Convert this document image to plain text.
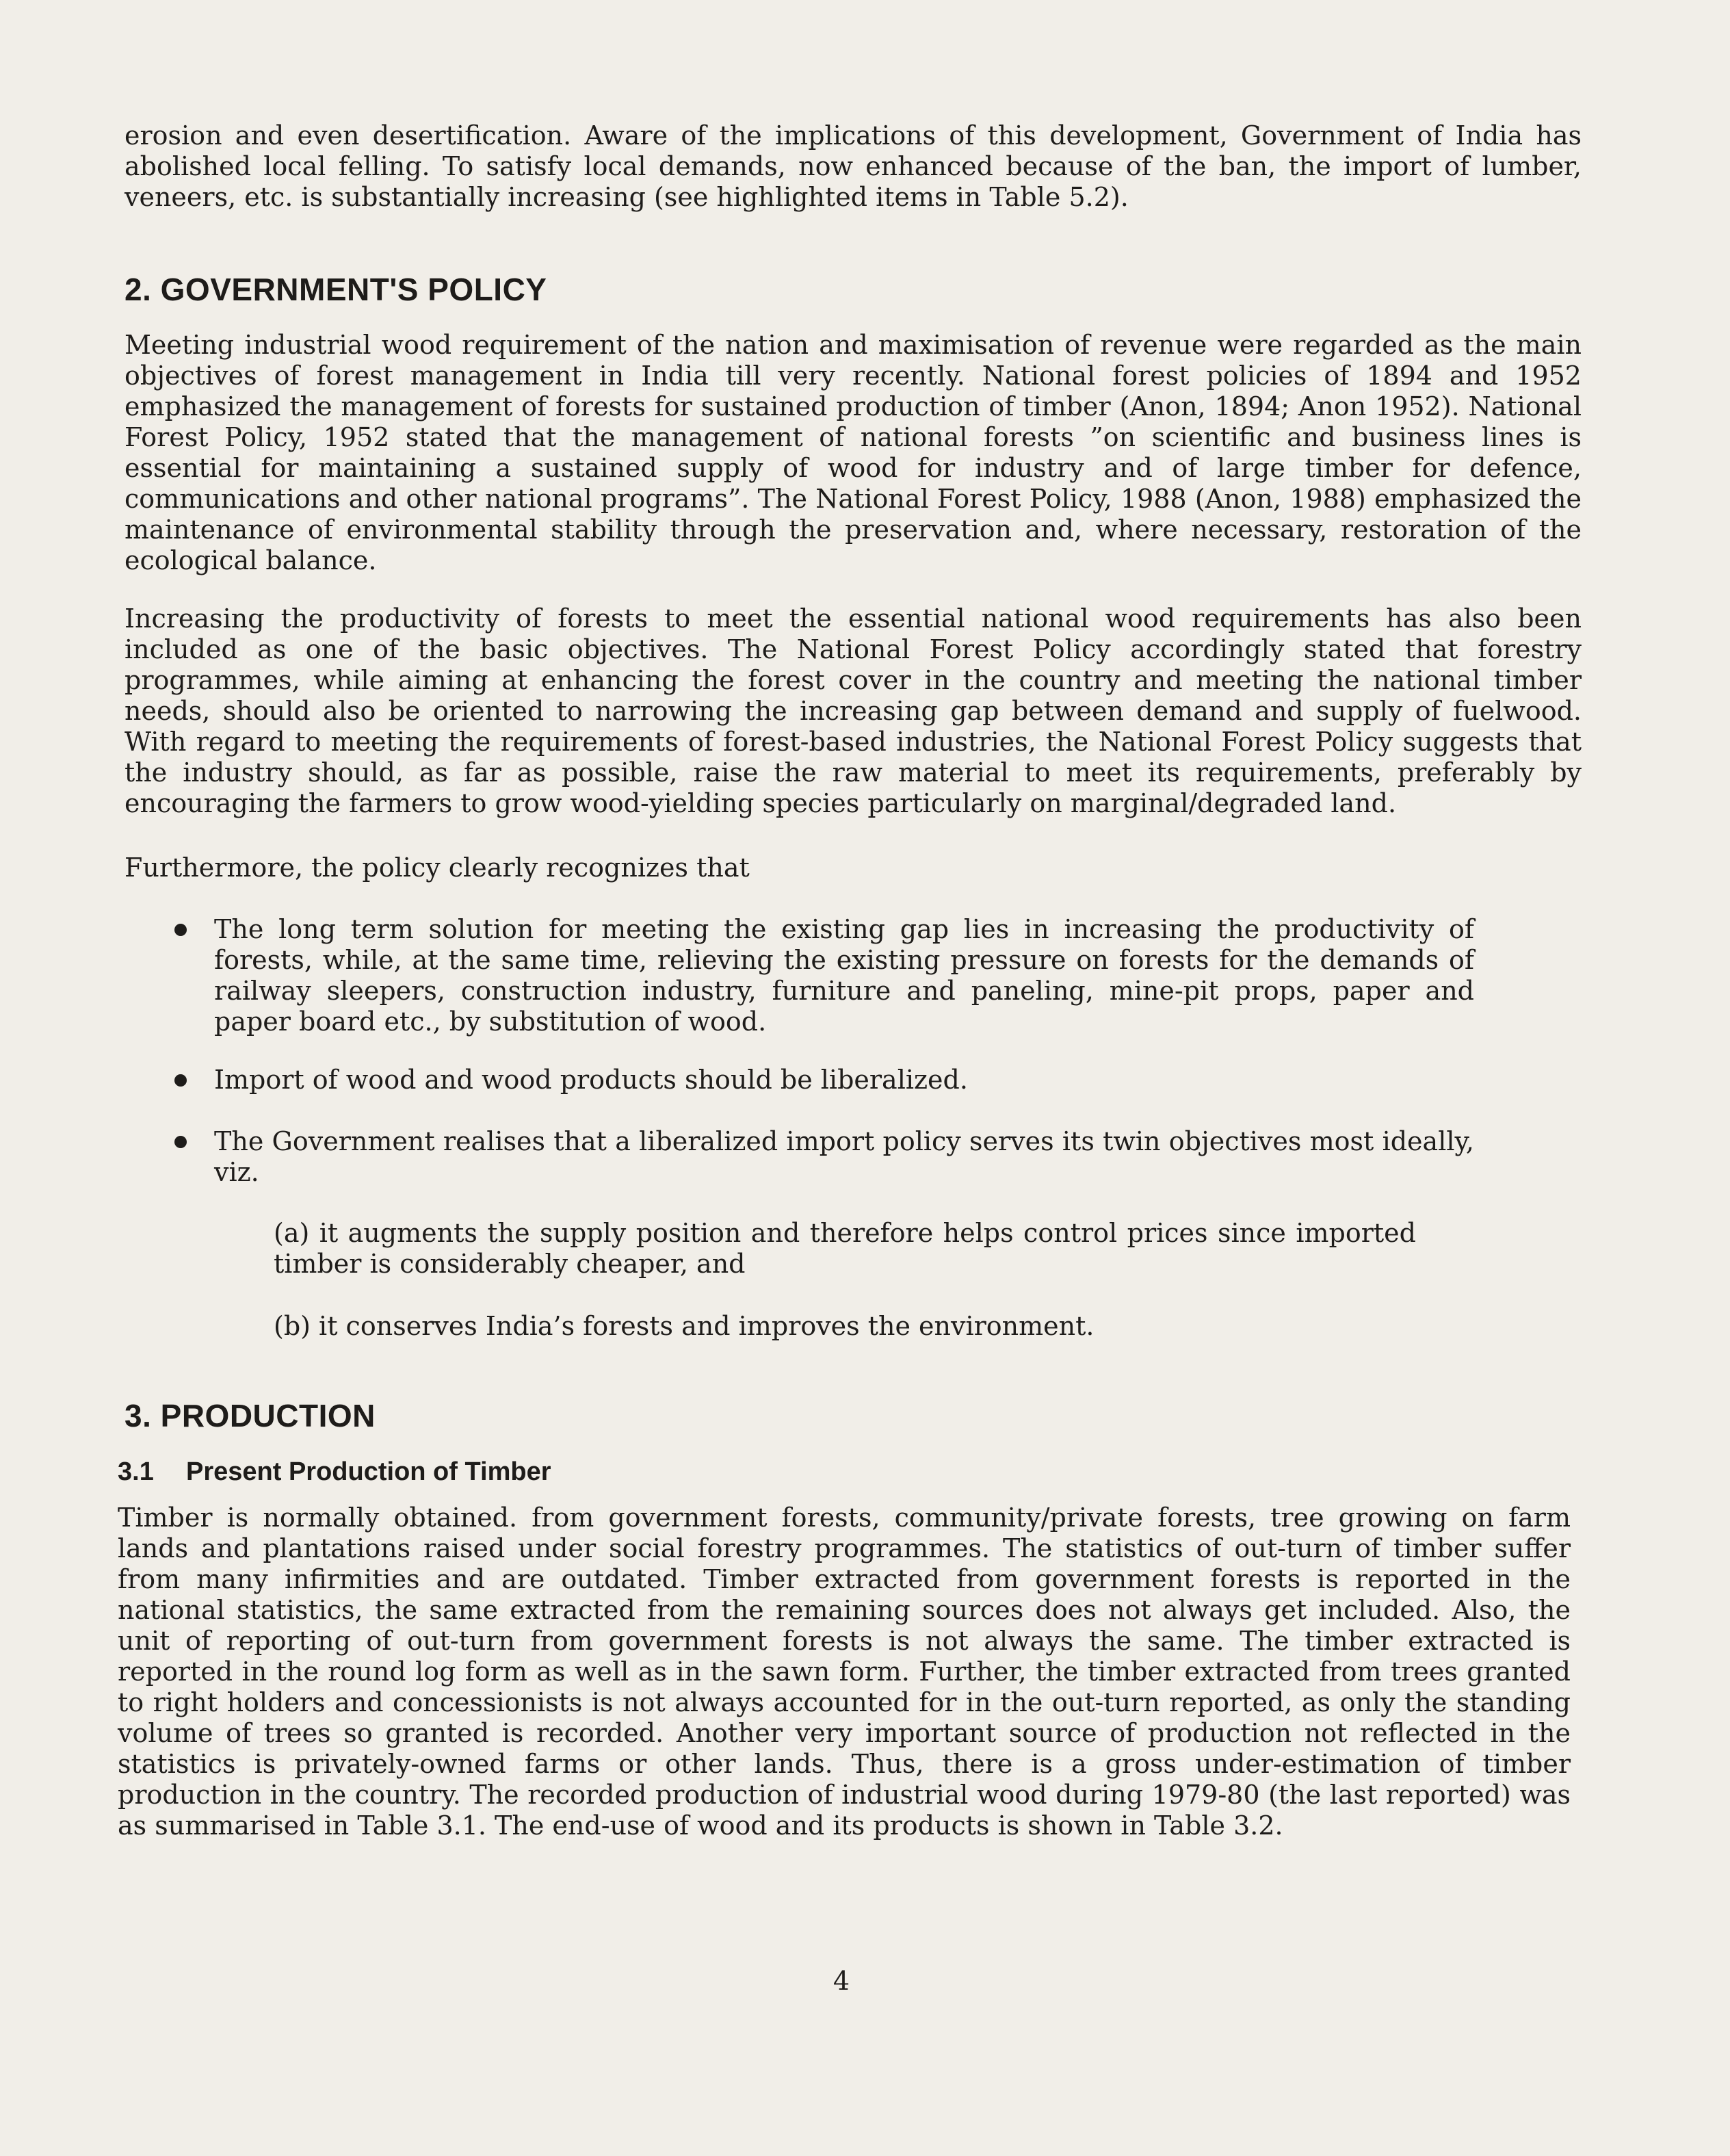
erosion and even desertification. Aware of the implications of this development, Government of India has abolished local felling. To satisfy local demands, now enhanced because of the ban, the import of lumber, veneers, etc. is substantially increasing (see highlighted items in Table 5.2).

2. GOVERNMENT'S POLICY

Meeting industrial wood requirement of the nation and maximisation of revenue were regarded as the main objectives of forest management in India till very recently. National forest policies of 1894 and 1952 emphasized the management of forests for sustained production of timber (Anon, 1894; Anon 1952). National Forest Policy, 1952 stated that the management of national forests ”on scientific and business lines is essential for maintaining a sustained supply of wood for industry and of large timber for defence, communications and other national programs”. The National Forest Policy, 1988 (Anon, 1988) emphasized the maintenance of environmental stability through the preservation and, where necessary, restoration of the ecological balance.

Increasing the productivity of forests to meet the essential national wood requirements has also been included as one of the basic objectives. The National Forest Policy accordingly stated that forestry programmes, while aiming at enhancing the forest cover in the country and meeting the national timber needs, should also be oriented to narrowing the increasing gap between demand and supply of fuelwood. With regard to meeting the requirements of forest-based industries, the National Forest Policy suggests that the industry should, as far as possible, raise the raw material to meet its requirements, preferably by encouraging the farmers to grow wood-yielding species particularly on marginal/degraded land.

Furthermore, the policy clearly recognizes that

The long term solution for meeting the existing gap lies in increasing the productivity of forests, while, at the same time, relieving the existing pressure on forests for the demands of railway sleepers, construction industry, furniture and paneling, mine-pit props, paper and paper board etc., by substitution of wood.
Import of wood and wood products should be liberalized.
The Government realises that a liberalized import policy serves its twin objectives most ideally, viz.
(a) it augments the supply position and therefore helps control prices since imported timber is considerably cheaper, and
(b) it conserves India’s forests and improves the environment.
3. PRODUCTION
3.1 Present Production of Timber

Timber is normally obtained. from government forests, community/private forests, tree growing on farm lands and plantations raised under social forestry programmes. The statistics of out-turn of timber suffer from many infirmities and are outdated. Timber extracted from government forests is reported in the national statistics, the same extracted from the remaining sources does not always get included. Also, the unit of reporting of out-turn from government forests is not always the same. The timber extracted is reported in the round log form as well as in the sawn form. Further, the timber extracted from trees granted to right holders and concessionists is not always accounted for in the out-turn reported, as only the standing volume of trees so granted is recorded. Another very important source of production not reflected in the statistics is privately-owned farms or other lands. Thus, there is a gross under-estimation of timber production in the country. The recorded production of industrial wood during 1979-80 (the last reported) was as summarised in Table 3.1. The end-use of wood and its products is shown in Table 3.2.

4
